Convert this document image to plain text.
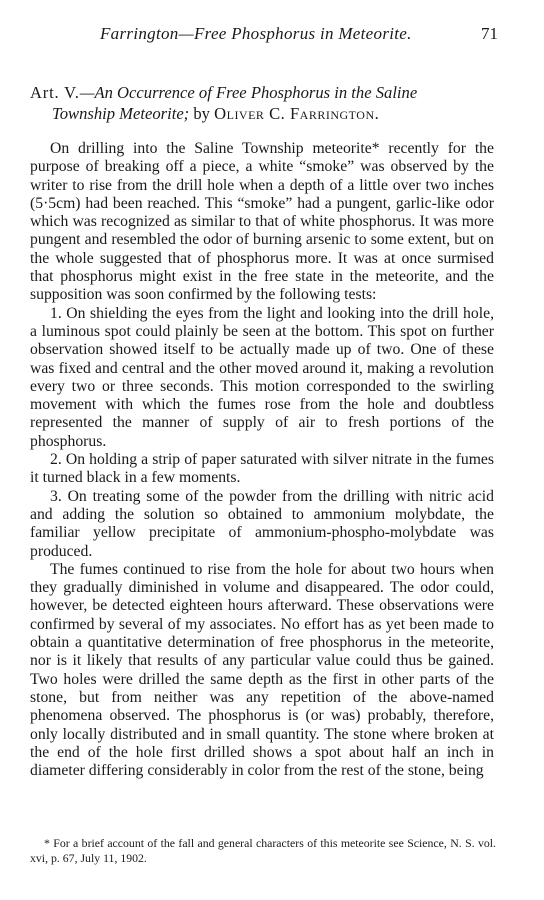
Farrington—Free Phosphorus in Meteorite.	71

Art. V.—An Occurrence of Free Phosphorus in the Saline

Township Meteorite; by Oliver C. Farrington.

On drilling into the Saline Township meteorite* recently for the purpose of breaking off a piece, a white “smoke” was observed by the writer to rise from the drill hole when a depth of a little over two inches (5·5cm) had been reached. This “smoke” had a pungent, garlic-like odor which was recognized as similar to that of white phosphorus. It was more pungent and resembled the odor of burning arsenic to some extent, but on the whole suggested that of phosphorus more. It was at once surmised that phosphorus might exist in the free state in the meteorite, and the supposition was soon confirmed by the following tests:

1. On shielding the eyes from the light and looking into the drill hole, a luminous spot could plainly be seen at the bottom. This spot on further observation showed itself to be actually made up of two. One of these was fixed and central and the other moved around it, making a revolution every two or three seconds. This motion corresponded to the swirling movement with which the fumes rose from the hole and doubtless represented the manner of supply of air to fresh portions of the phosphorus.

2. On holding a strip of paper saturated with silver nitrate in the fumes it turned black in a few moments.

3. On treating some of the powder from the drilling with nitric acid and adding the solution so obtained to ammonium molybdate, the familiar yellow precipitate of ammonium-phospho-molybdate was produced.

The fumes continued to rise from the hole for about two hours when they gradually diminished in volume and disappeared. The odor could, however, be detected eighteen hours afterward. These observations were confirmed by several of my associates. No effort has as yet been made to obtain a quantitative determination of free phosphorus in the meteorite, nor is it likely that results of any particular value could thus be gained. Two holes were drilled the same depth as the first in other parts of the stone, but from neither was any repetition of the above-named phenomena observed. The phosphorus is (or was) probably, therefore, only locally distributed and in small quantity. The stone where broken at the end of the hole first drilled shows a spot about half an inch in diameter differing considerably in color from the rest of the stone, being

* For a brief account of the fall and general characters of this meteorite see Science, N. S. vol. xvi, p. 67, July 11, 1902.
